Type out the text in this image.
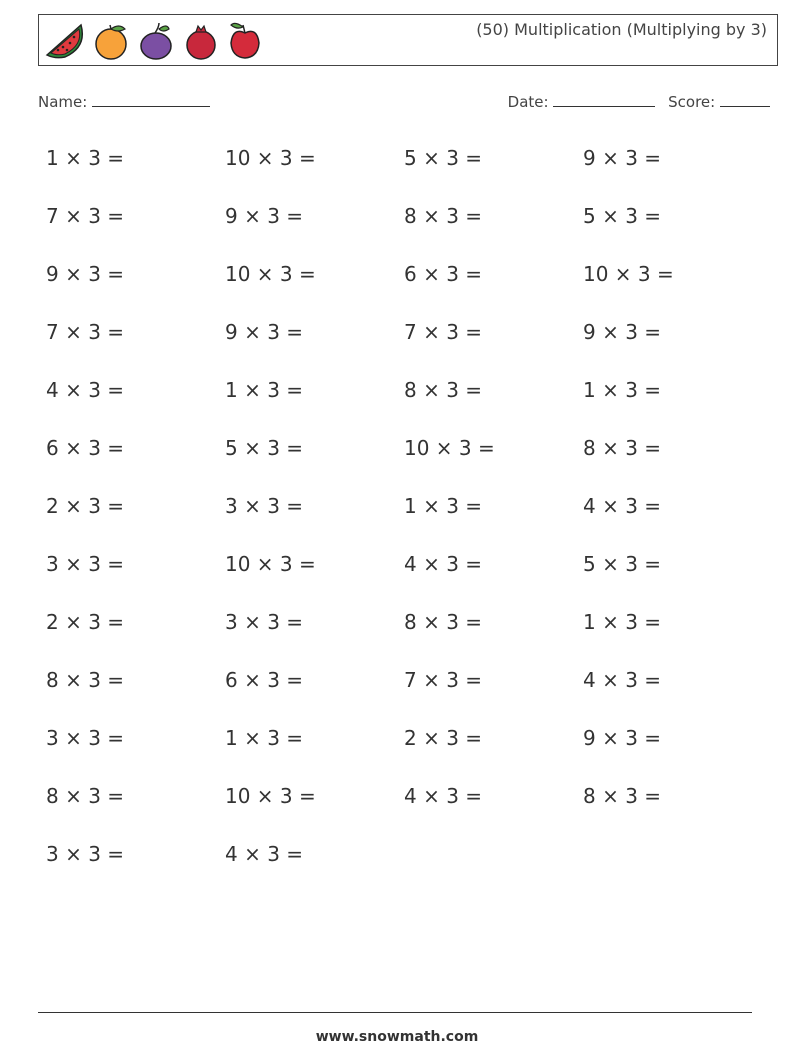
(50) Multiplication (Multiplying by 3)
Name:	Date:	Score:
1 × 3 =	10 × 3 =	5 × 3 =	9 × 3 =
7 × 3 =	9 × 3 =	8 × 3 =	5 × 3 =
9 × 3 =	10 × 3 =	6 × 3 =	10 × 3 =
7 × 3 =	9 × 3 =	7 × 3 =	9 × 3 =
4 × 3 =	1 × 3 =	8 × 3 =	1 × 3 =
6 × 3 =	5 × 3 =	10 × 3 =	8 × 3 =
2 × 3 =	3 × 3 =	1 × 3 =	4 × 3 =
3 × 3 =	10 × 3 =	4 × 3 =	5 × 3 =
2 × 3 =	3 × 3 =	8 × 3 =	1 × 3 =
8 × 3 =	6 × 3 =	7 × 3 =	4 × 3 =
3 × 3 =	1 × 3 =	2 × 3 =	9 × 3 =
8 × 3 =	10 × 3 =	4 × 3 =	8 × 3 =
3 × 3 =	4 × 3 =
www.snowmath.com
